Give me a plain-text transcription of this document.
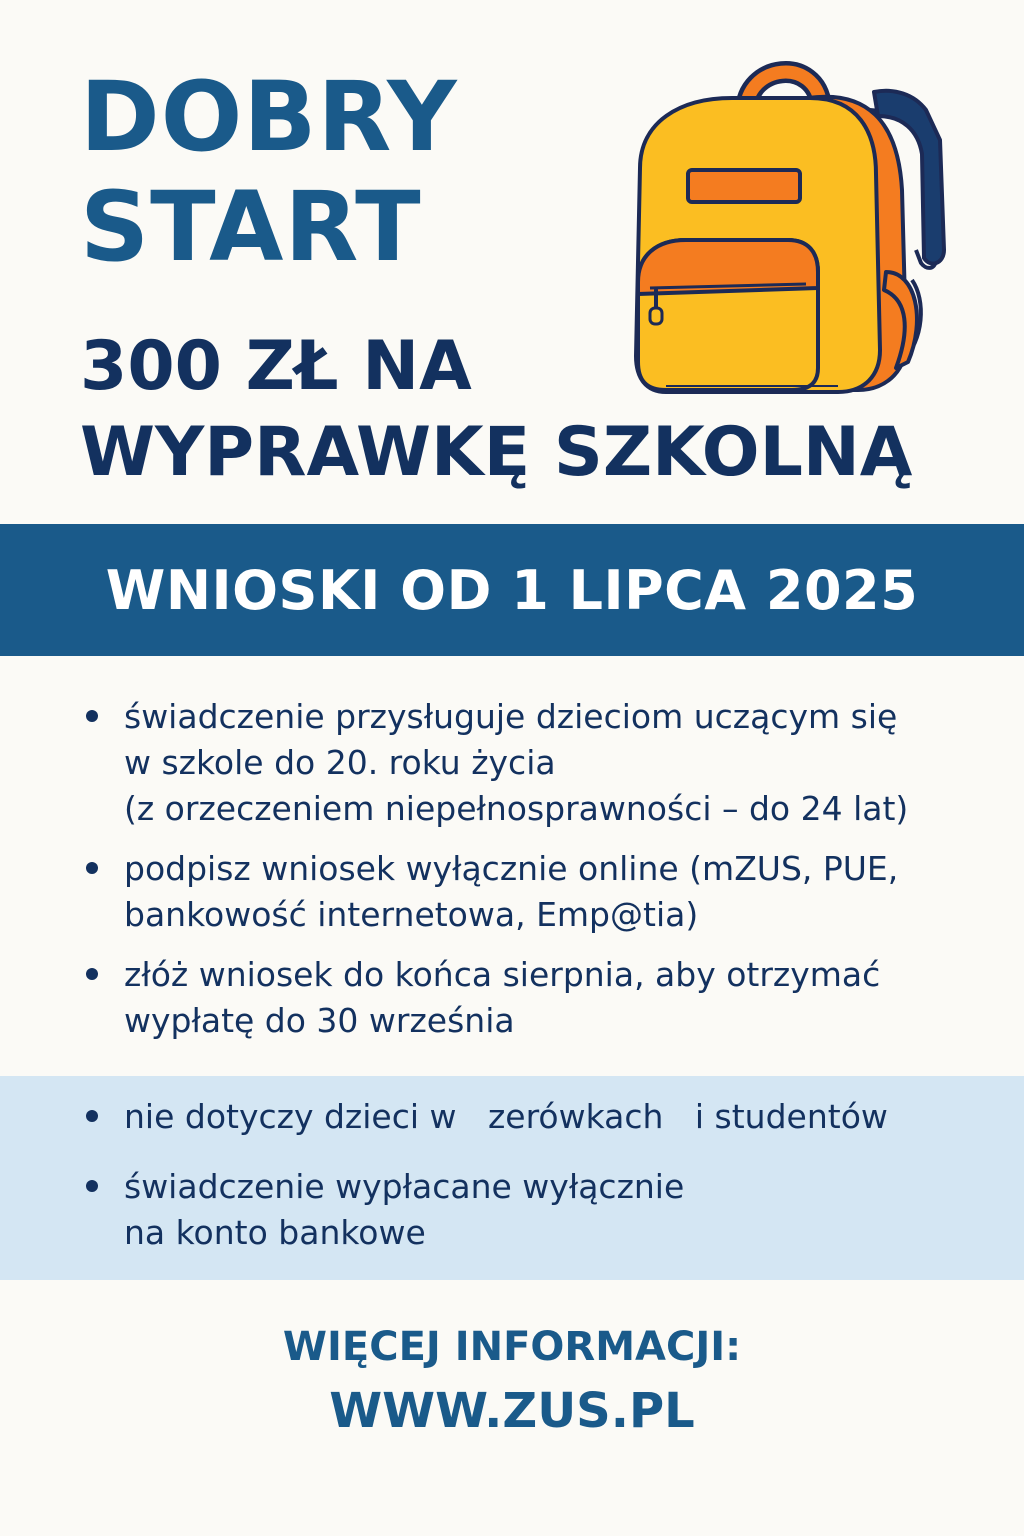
DOBRY
START
300 ZŁ NA
WYPRAWKĘ SZKOLNĄ
WNIOSKI OD 1 LIPCA 2025
świadczenie przysługuje dzieciom uczącym się
w szkole do 20. roku życia
(z orzeczeniem niepełnosprawności – do 24 lat)
podpisz wniosek wyłącznie online (mZUS, PUE,
bankowość internetowa, Emp@tia)
złóż wniosek do końca sierpnia, aby otrzymać
wypłatę do 30 września
nie dotyczy dzieci w   zerówkach   i studentów
świadczenie wypłacane wyłącznie
na konto bankowe
WIĘCEJ INFORMACJI:
WWW.ZUS.PL
